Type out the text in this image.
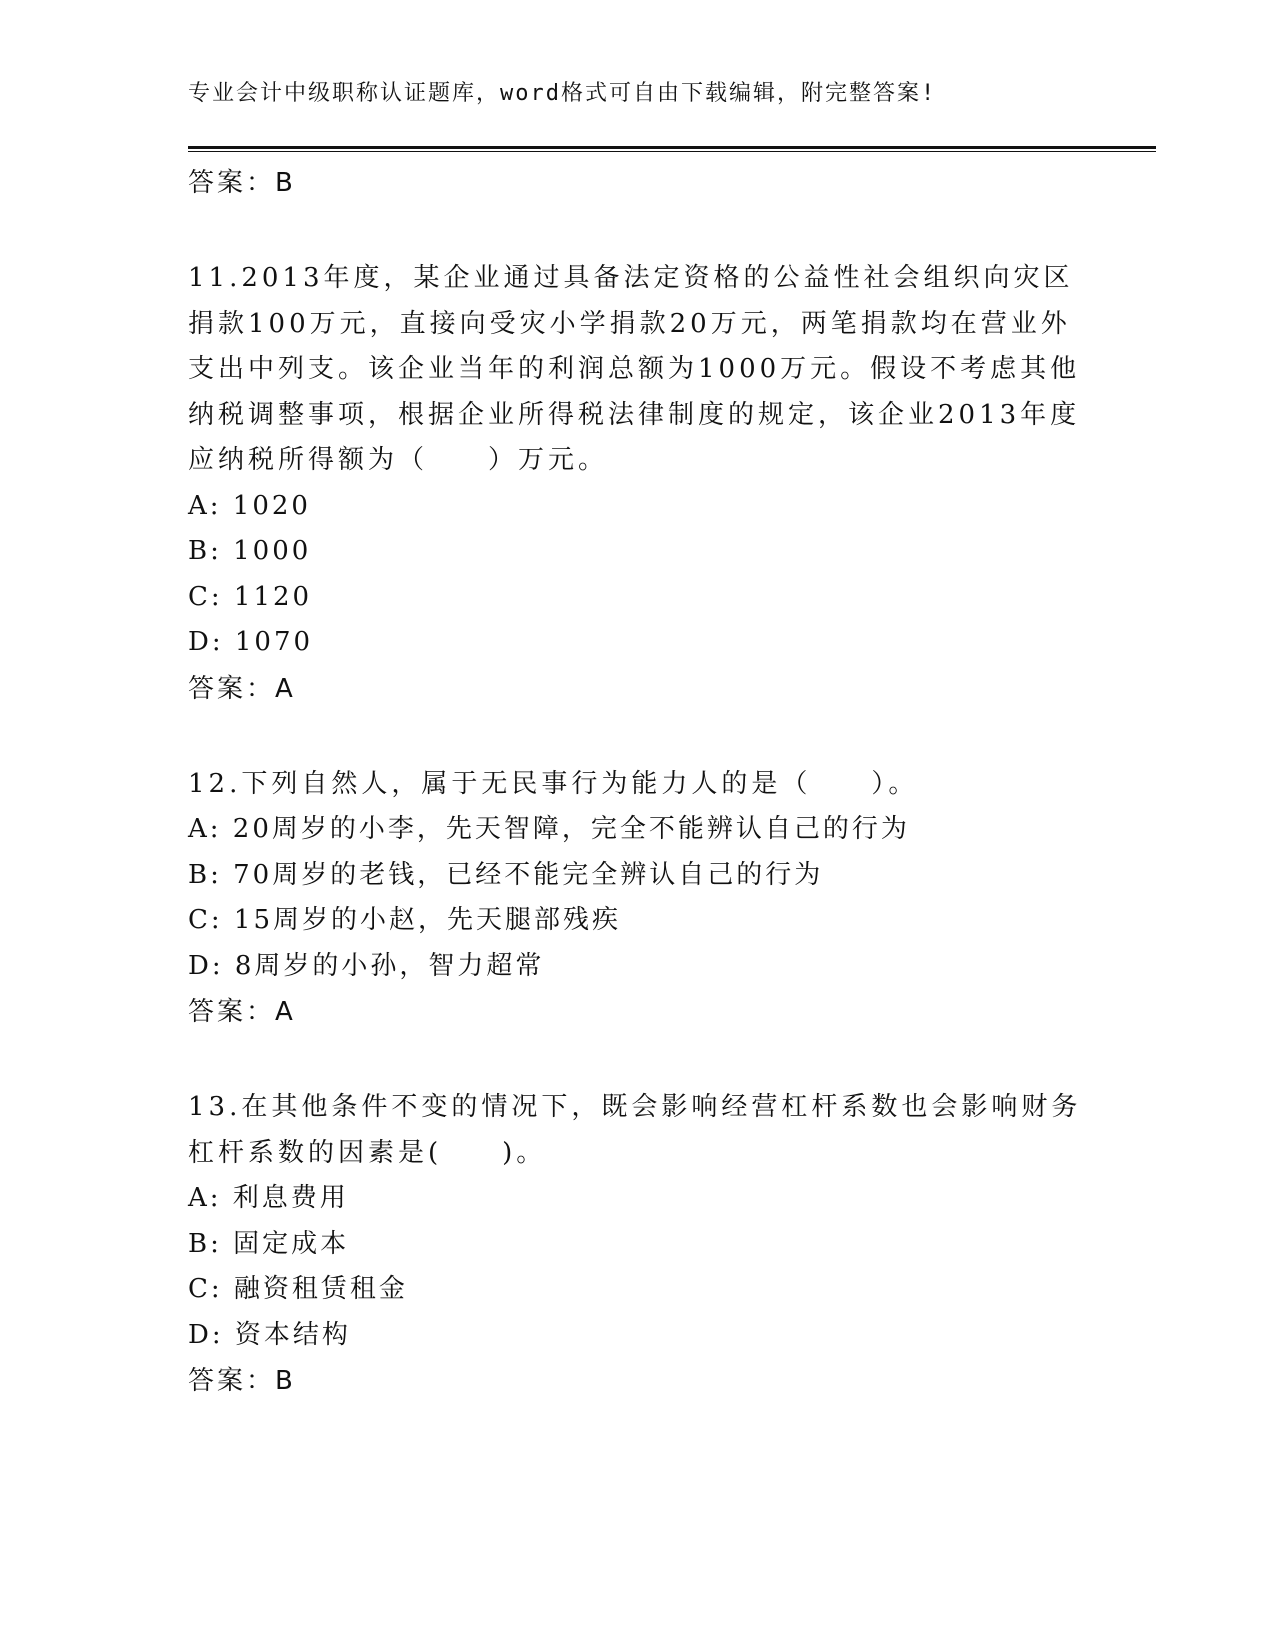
专业会计中级职称认证题库，word格式可自由下载编辑，附完整答案!
答案：B

11.2013年度，某企业通过具备法定资格的公益性社会组织向灾区捐款100万元，直接向受灾小学捐款20万元，两笔捐款均在营业外支出中列支。该企业当年的利润总额为1000万元。假设不考虑其他纳税调整事项，根据企业所得税法律制度的规定，该企业2013年度应纳税所得额为（　　）万元。

A: 1020
B: 1000
C: 1120
D: 1070
答案：A

12.下列自然人，属于无民事行为能力人的是（　　）。

A: 20周岁的小李，先天智障，完全不能辨认自己的行为
B: 70周岁的老钱，已经不能完全辨认自己的行为
C: 15周岁的小赵，先天腿部残疾
D: 8周岁的小孙，智力超常
答案：A

13.在其他条件不变的情况下，既会影响经营杠杆系数也会影响财务杠杆系数的因素是(　　)。

A: 利息费用
B: 固定成本
C: 融资租赁租金
D: 资本结构
答案：B
